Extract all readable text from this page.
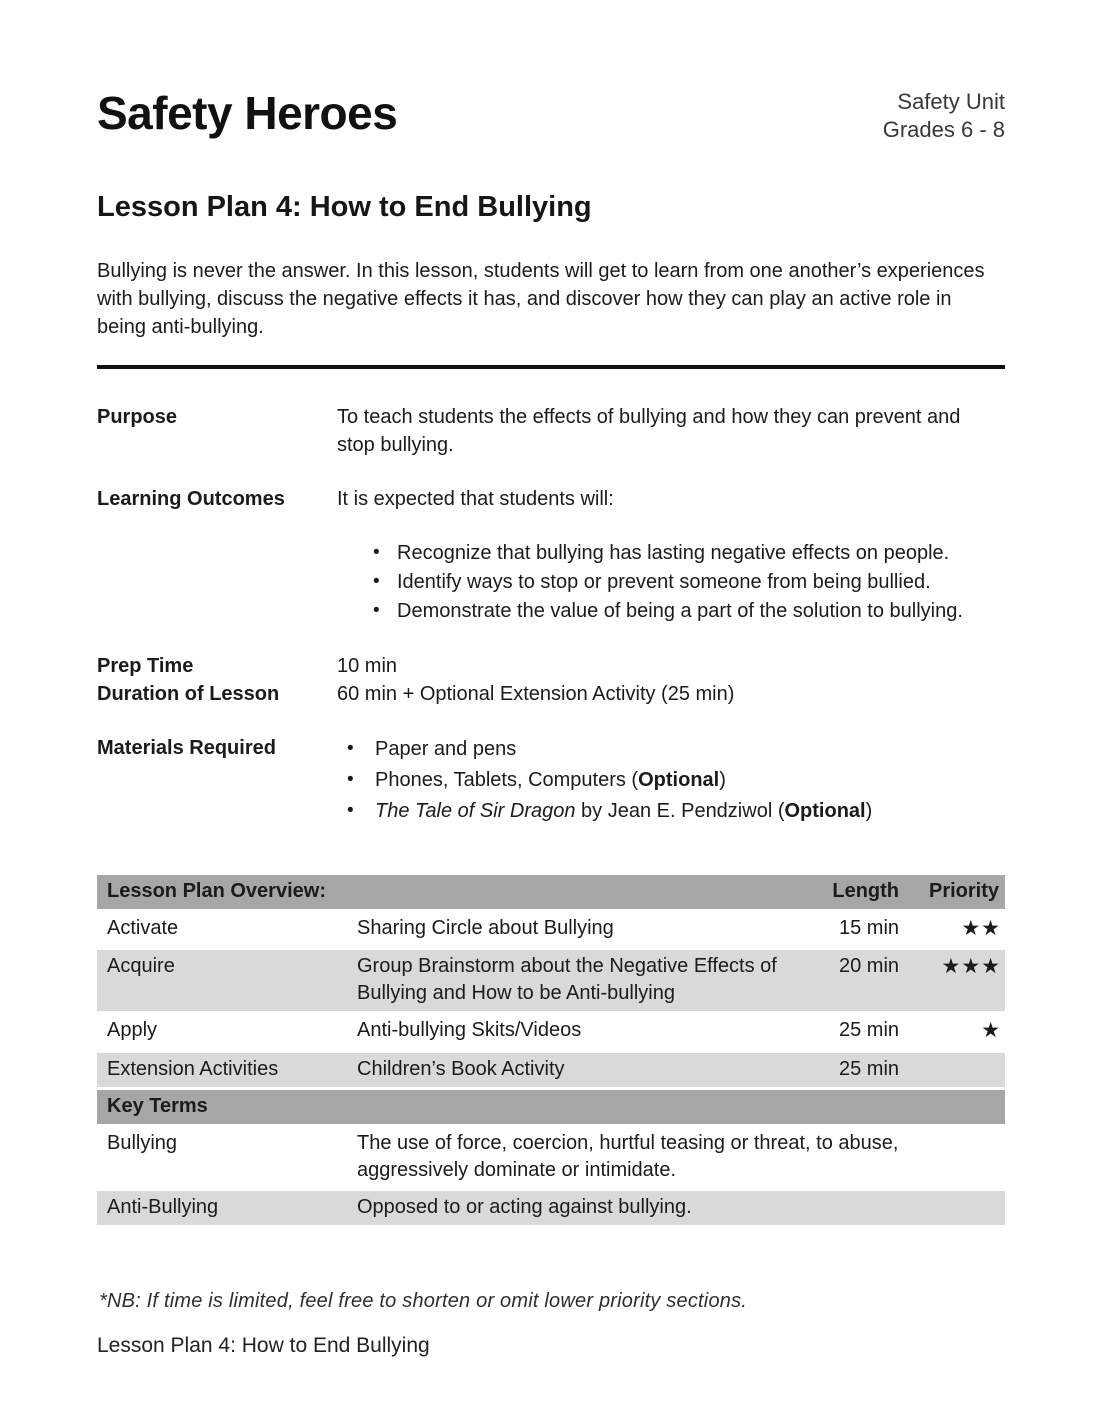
Safety Heroes	Safety Unit
Grades 6 - 8
Lesson Plan 4: How to End Bullying

Bullying is never the answer. In this lesson, students will get to learn from one another’s experiences with bullying, discuss the negative effects it has, and discover how they can play an active role in being anti-bullying.

Purpose	To teach students the effects of bullying and how they can prevent and stop bullying.
Learning Outcomes	It is expected that students will:
• Recognize that bullying has lasting negative effects on people.
• Identify ways to stop or prevent someone from being bullied.
• Demonstrate the value of being a part of the solution to bullying.
Prep Time	10 min
Duration of Lesson	60 min + Optional Extension Activity (25 min)
Materials Required	• Paper and pens
• Phones, Tablets, Computers (Optional)
• The Tale of Sir Dragon by Jean E. Pendziwol (Optional)
Lesson Plan Overview:		Length	Priority
Activate	Sharing Circle about Bullying	15 min	★★
Acquire	Group Brainstorm about the Negative Effects of Bullying and How to be Anti-bullying	20 min	★★★
Apply	Anti-bullying Skits/Videos	25 min	★
Extension Activities	Children’s Book Activity	25 min	
Key Terms			
Bullying	The use of force, coercion, hurtful teasing or threat, to abuse, aggressively dominate or intimidate.		
Anti-Bullying	Opposed to or acting against bullying.		

*NB: If time is limited, feel free to shorten or omit lower priority sections.

Lesson Plan 4: How to End Bullying
